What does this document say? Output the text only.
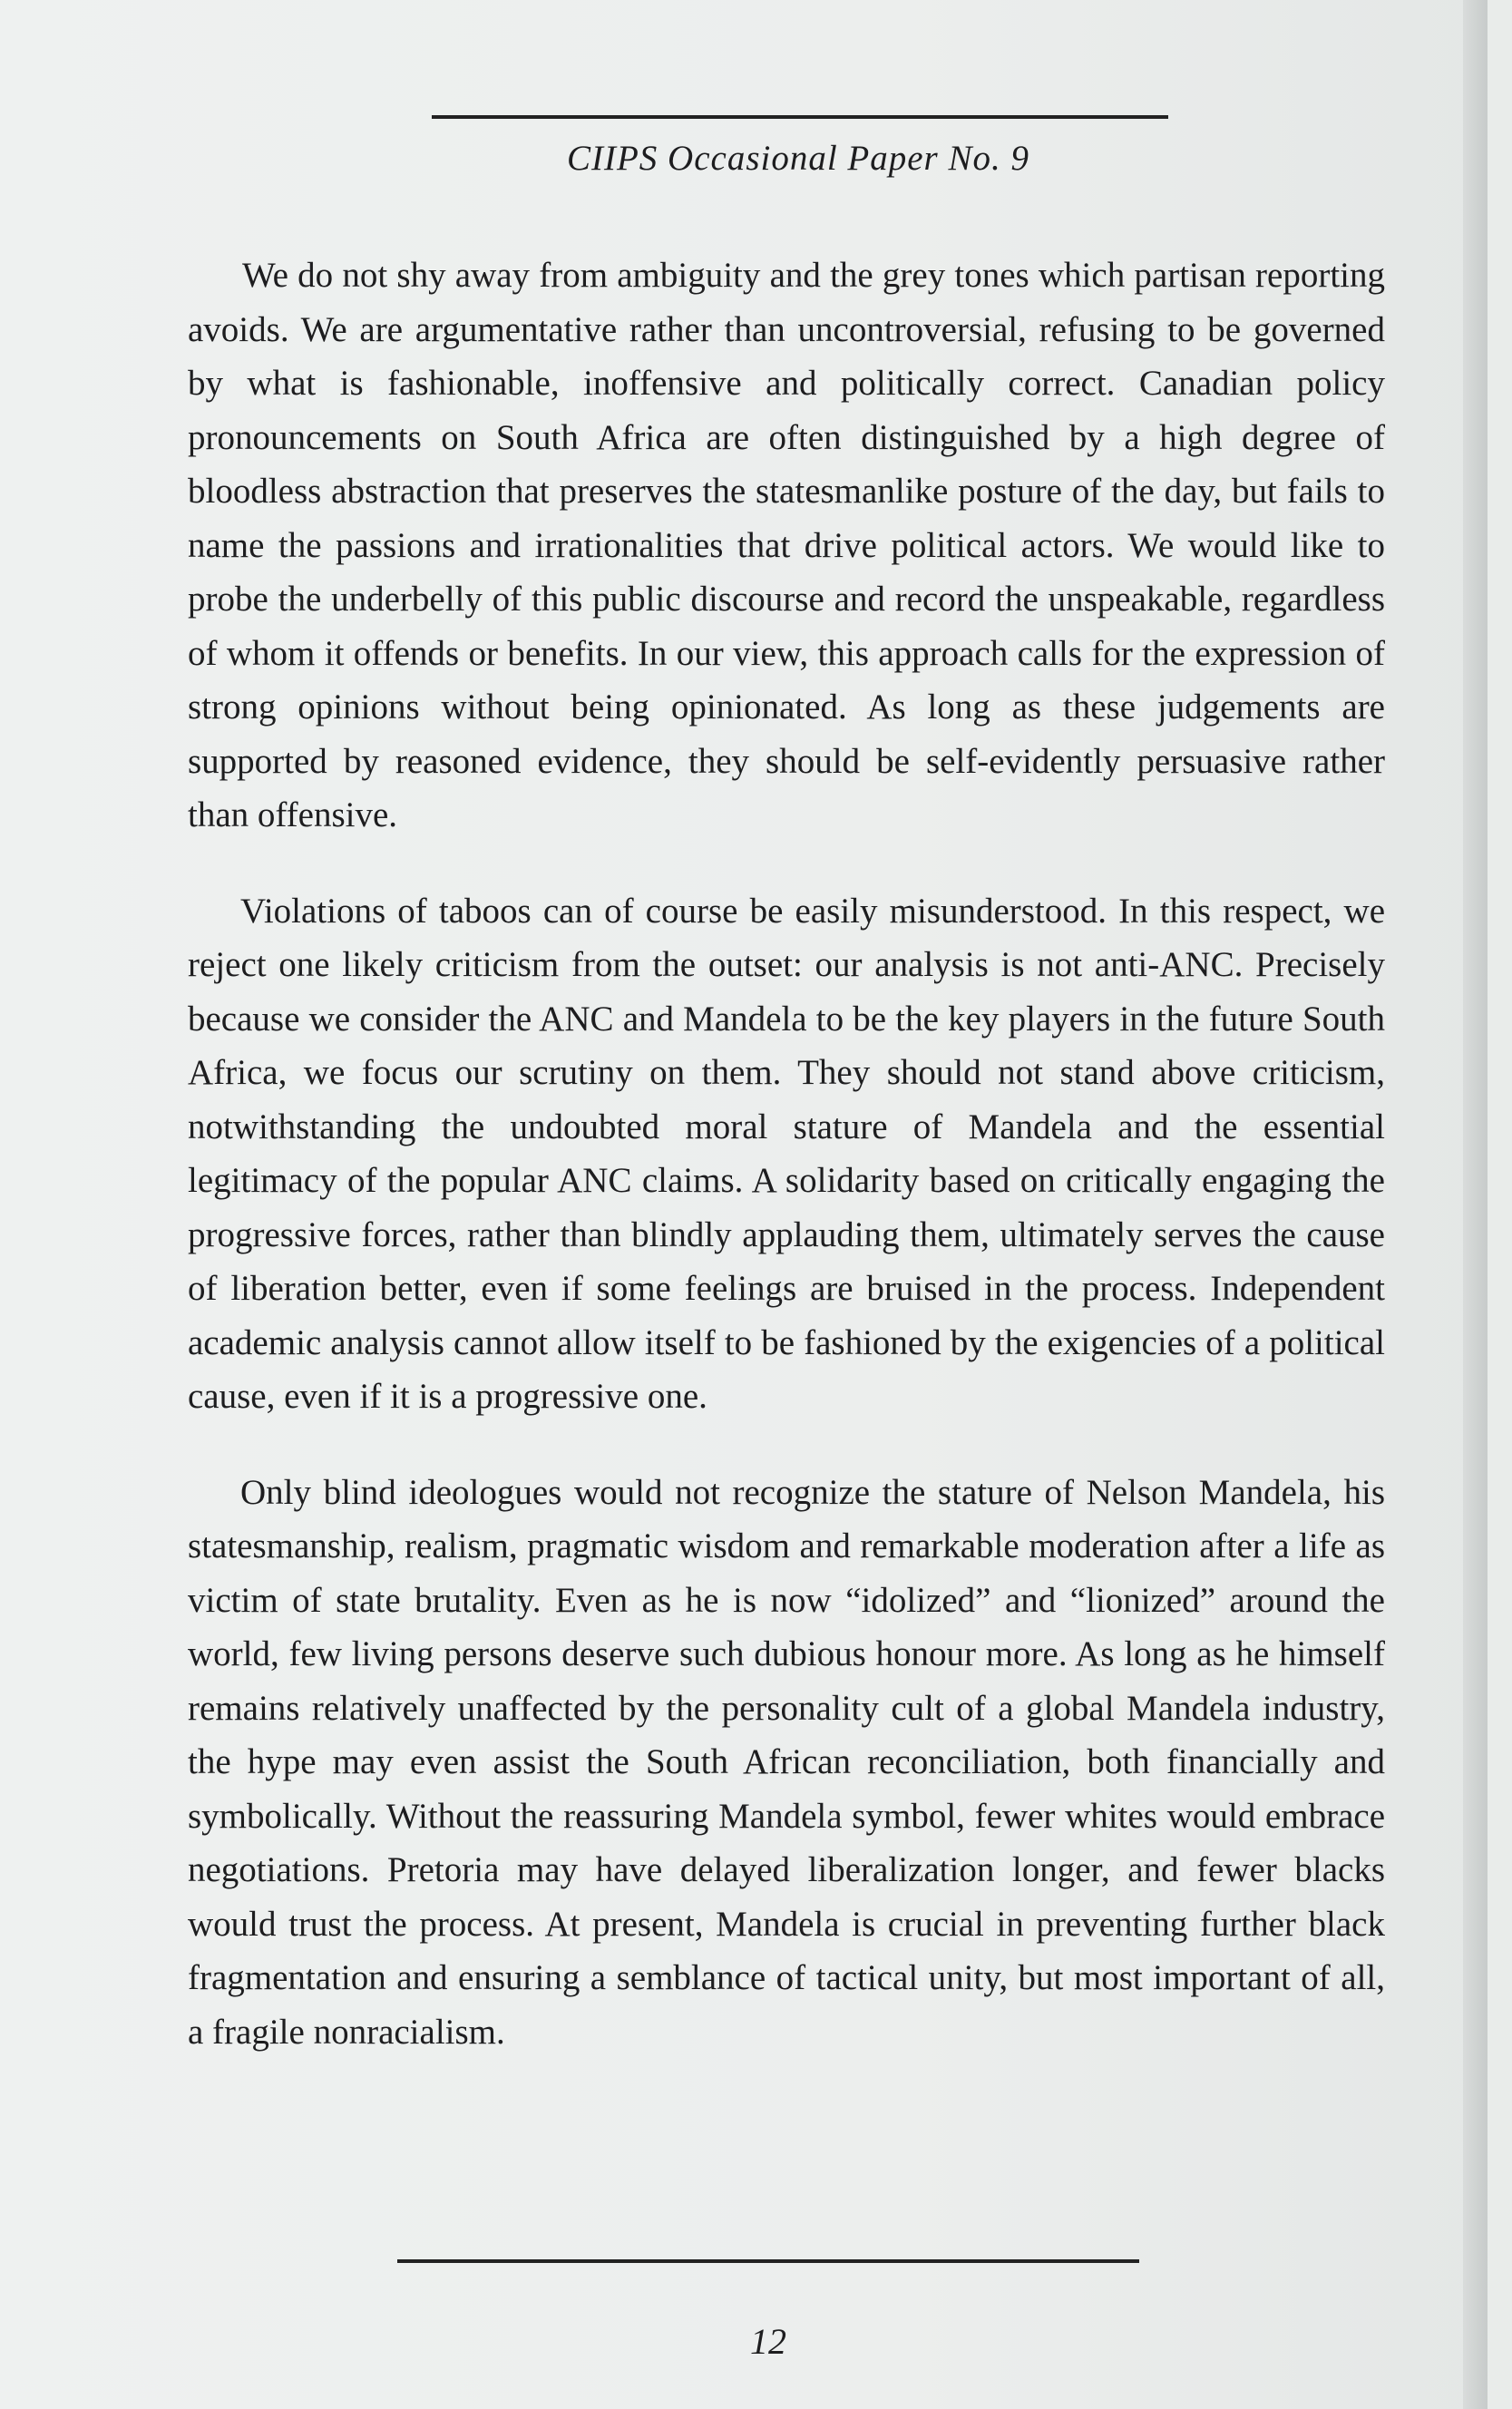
CIIPS Occasional Paper No. 9

We do not shy away from ambiguity and the grey tones which partisan reporting avoids. We are argumentative rather than uncontroversial, refusing to be governed by what is fashionable, inoffensive and politically correct. Canadian policy pronouncements on South Africa are often distinguished by a high degree of bloodless abstraction that preserves the statesmanlike posture of the day, but fails to name the passions and irrationalities that drive political actors. We would like to probe the underbelly of this public discourse and record the unspeakable, regardless of whom it offends or benefits. In our view, this approach calls for the expression of strong opinions without being opinionated. As long as these judgements are supported by reasoned evidence, they should be self-evidently persuasive rather than offensive.

Violations of taboos can of course be easily misunderstood. In this respect, we reject one likely criticism from the outset: our analysis is not anti-ANC. Precisely because we consider the ANC and Mandela to be the key players in the future South Africa, we focus our scrutiny on them. They should not stand above criticism, notwithstanding the undoubted moral stature of Mandela and the essential legitimacy of the popular ANC claims. A solidarity based on critically engaging the progressive forces, rather than blindly applauding them, ultimately serves the cause of liberation better, even if some feelings are bruised in the process. Independent academic analysis cannot allow itself to be fashioned by the exigencies of a political cause, even if it is a progressive one.

Only blind ideologues would not recognize the stature of Nelson Mandela, his statesmanship, realism, pragmatic wisdom and remarkable moderation after a life as victim of state brutality. Even as he is now “idolized” and “lionized” around the world, few living persons deserve such dubious honour more. As long as he himself remains relatively unaffected by the personality cult of a global Mandela industry, the hype may even assist the South African reconciliation, both financially and symbolically. Without the reassuring Mandela symbol, fewer whites would embrace negotiations. Pretoria may have delayed liberalization longer, and fewer blacks would trust the process. At present, Mandela is crucial in preventing further black fragmentation and ensuring a semblance of tactical unity, but most important of all, a fragile nonracialism.

12
